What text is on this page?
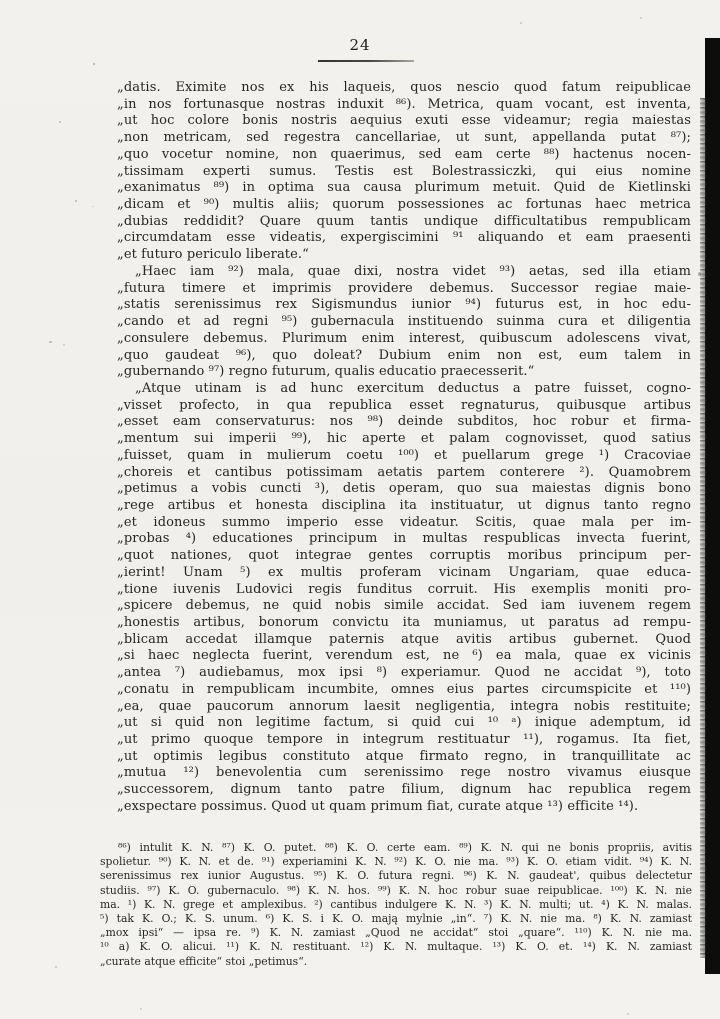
24
„datis. Eximite nos ex his laqueis, quos nescio quod fatum reipublicae
„in nos fortunasque nostras induxit ⁸⁶). Metrica, quam vocant, est inventa,
„ut hoc colore bonis nostris aequius exuti esse videamur; regia maiestas
„non metricam, sed regestra cancellariae, ut sunt, appellanda putat ⁸⁷);
„quo vocetur nomine, non quaerimus, sed eam certe ⁸⁸) hactenus nocen-
„tissimam experti sumus. Testis est Bolestrassiczki, qui eius nomine
„exanimatus ⁸⁹) in optima sua causa plurimum metuit. Quid de Kietlinski
„dicam et ⁹⁰) multis aliis; quorum possessiones ac fortunas haec metrica
„dubias reddidit? Quare quum tantis undique difficultatibus rempublicam
„circumdatam esse videatis, expergiscimini ⁹¹ aliquando et eam praesenti
„et futuro periculo liberate.“
„Haec iam ⁹²) mala, quae dixi, nostra videt ⁹³) aetas, sed illa etiam
„futura timere et imprimis providere debemus. Successor regiae maie-
„statis serenissimus rex Sigismundus iunior ⁹⁴) futurus est, in hoc edu-
„cando et ad regni ⁹⁵) gubernacula instituendo suinma cura et diligentia
„consulere debemus. Plurimum enim interest, quibuscum adolescens vivat,
„quo gaudeat ⁹⁶), quo doleat? Dubium enim non est, eum talem in
„gubernando ⁹⁷) regno futurum, qualis educatio praecesserit.“
„Atque utinam is ad hunc exercitum deductus a patre fuisset, cogno-
„visset profecto, in qua republica esset regnaturus, quibusque artibus
„esset eam conservaturus: nos ⁹⁸) deinde subditos, hoc robur et firma-
„mentum sui imperii ⁹⁹), hic aperte et palam cognovisset, quod satius
„fuisset, quam in mulierum coetu ¹⁰⁰) et puellarum grege ¹) Cracoviae
„choreis et cantibus potissimam aetatis partem conterere ²). Quamobrem
„petimus a vobis cuncti ³), detis operam, quo sua maiestas dignis bono
„rege artibus et honesta disciplina ita instituatur, ut dignus tanto regno
„et idoneus summo imperio esse videatur. Scitis, quae mala per im-
„probas ⁴) educationes principum in multas respublicas invecta fuerint,
„quot nationes, quot integrae gentes corruptis moribus principum per-
„ierint! Unam ⁵) ex multis proferam vicinam Ungariam, quae educa-
„tione iuvenis Ludovici regis funditus corruit. His exemplis moniti pro-
„spicere debemus, ne quid nobis simile accidat. Sed iam iuvenem regem
„honestis artibus, bonorum convictu ita muniamus, ut paratus ad rempu-
„blicam accedat illamque paternis atque avitis artibus gubernet. Quod
„si haec neglecta fuerint, verendum est, ne ⁶) ea mala, quae ex vicinis
„antea ⁷) audiebamus, mox ipsi ⁸) experiamur. Quod ne accidat ⁹), toto
„conatu in rempublicam incumbite, omnes eius partes circumspicite et ¹¹⁰)
„ea, quae paucorum annorum laesit negligentia, integra nobis restituite;
„ut si quid non legitime factum, si quid cui ¹⁰ ᵃ) inique ademptum, id
„ut primo quoque tempore in integrum restituatur ¹¹), rogamus. Ita fiet,
„ut optimis legibus constituto atque firmato regno, in tranquillitate ac
„mutua ¹²) benevolentia cum serenissimo rege nostro vivamus eiusque
„successorem, dignum tanto patre filium, dignum hac republica regem
„exspectare possimus. Quod ut quam primum fiat, curate atque ¹³) efficite ¹⁴).
⁸⁶) intulit K. N. ⁸⁷) K. O. putet. ⁸⁸) K. O. certe eam. ⁸⁹) K. N. qui ne bonis propriis, avitis
spolietur. ⁹⁰) K. N. et de. ⁹¹) experiamini K. N. ⁹²) K. O. nie ma. ⁹³) K. O. etiam vidit. ⁹⁴) K. N.
serenissimus rex iunior Augustus. ⁹⁵) K. O. futura regni. ⁹⁶) K. N. gaudeat', quibus delectetur
studiis. ⁹⁷) K. O. gubernaculo. ⁹⁸) K. N. hos. ⁹⁹) K. N. hoc robur suae reipublicae. ¹⁰⁰) K. N. nie
ma. ¹) K. N. grege et amplexibus. ²) cantibus indulgere K. N. ³) K. N. multi; ut. ⁴) K. N. malas.
⁵) tak K. O.; K. S. unum. ⁶) K. S. i K. O. mają mylnie „in“. ⁷) K. N. nie ma. ⁸) K. N. zamiast
„mox ipsi“ — ipsa re. ⁹) K. N. zamiast „Quod ne accidat“ stoi „quare“. ¹¹⁰) K. N. nie ma.
¹⁰ a) K. O. alicui. ¹¹) K. N. restituant. ¹²) K. N. multaque. ¹³) K. O. et. ¹⁴) K. N. zamiast
„curate atque efficite“ stoi „petimus“.
